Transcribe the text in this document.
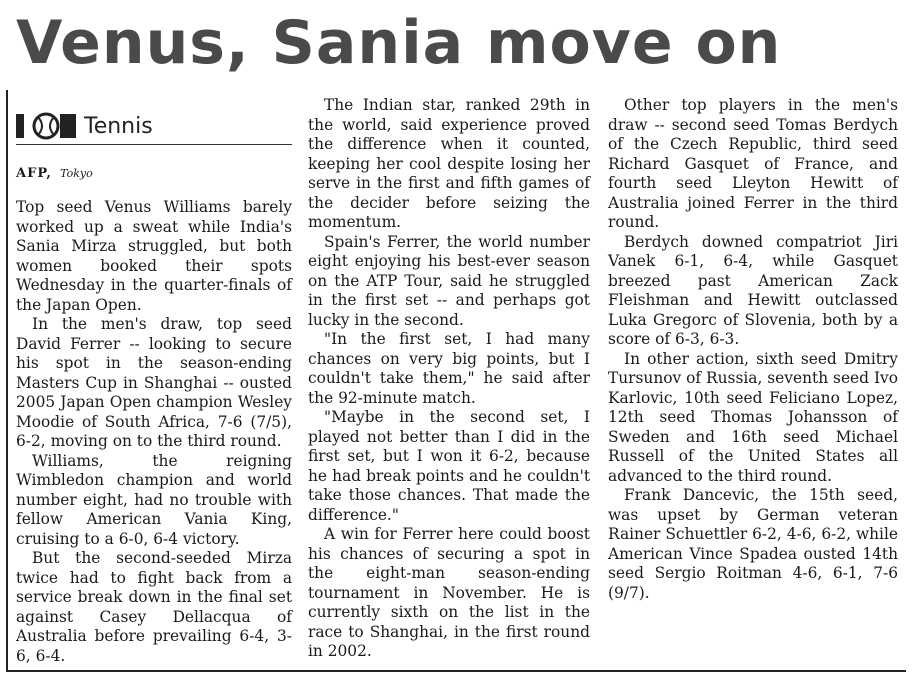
Venus, Sania move on
Tennis
AFP, Tokyo

Top seed Venus Williams barely worked up a sweat while India's Sania Mirza struggled, but both women booked their spots Wednesday in the quarter-finals of the Japan Open.

In the men's draw, top seed David Ferrer -- looking to secure his spot in the season-ending Masters Cup in Shanghai -- ousted 2005 Japan Open champion Wesley Moodie of South Africa, 7-6 (7/5), 6-2, moving on to the third round.

Williams, the reigning Wimbledon champion and world number eight, had no trouble with fellow American Vania King, cruising to a 6-0, 6-4 victory.

But the second-seeded Mirza twice had to fight back from a service break down in the final set against Casey Dellacqua of Australia before prevailing 6-4, 3-6, 6-4.

The Indian star, ranked 29th in the world, said experience proved the difference when it counted, keeping her cool despite losing her serve in the first and fifth games of the decider before seizing the momentum.

Spain's Ferrer, the world number eight enjoying his best-ever season on the ATP Tour, said he struggled in the first set -- and perhaps got lucky in the second.

"In the first set, I had many chances on very big points, but I couldn't take them," he said after the 92-minute match.

"Maybe in the second set, I played not better than I did in the first set, but I won it 6-2, because he had break points and he couldn't take those chances. That made the difference."

A win for Ferrer here could boost his chances of securing a spot in the eight-man season-ending tournament in November. He is currently sixth on the list in the race to Shanghai, in the first round in 2002.

Other top players in the men's draw -- second seed Tomas Berdych of the Czech Republic, third seed Richard Gasquet of France, and fourth seed Lleyton Hewitt of Australia joined Ferrer in the third round.

Berdych downed compatriot Jiri Vanek 6-1, 6-4, while Gasquet breezed past American Zack Fleishman and Hewitt outclassed Luka Gregorc of Slovenia, both by a score of 6-3, 6-3.

In other action, sixth seed Dmitry Tursunov of Russia, seventh seed Ivo Karlovic, 10th seed Feliciano Lopez, 12th seed Thomas Johansson of Sweden and 16th seed Michael Russell of the United States all advanced to the third round.

Frank Dancevic, the 15th seed, was upset by German veteran Rainer Schuettler 6-2, 4-6, 6-2, while American Vince Spadea ousted 14th seed Sergio Roitman 4-6, 6-1, 7-6 (9/7).
